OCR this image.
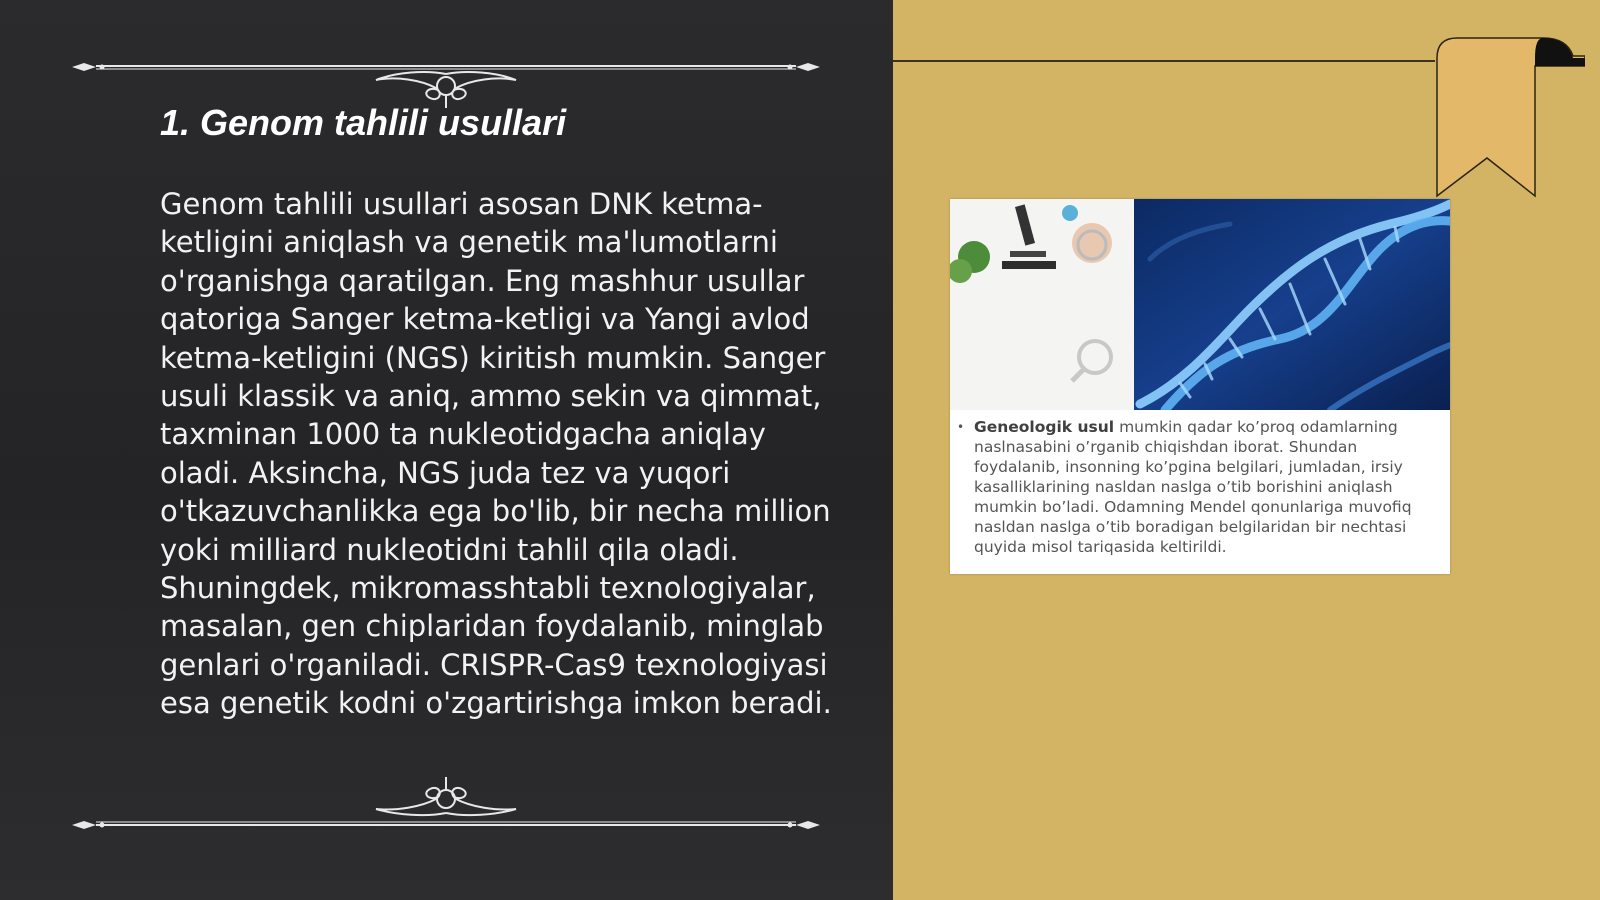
1. Genom tahlili usullari

Genom tahlili usullari asosan DNK ketma-ketligini aniqlash va genetik ma'lumotlarni o'rganishga qaratilgan. Eng mashhur usullar qatoriga Sanger ketma-ketligi va Yangi avlod ketma-ketligini (NGS) kiritish mumkin. Sanger usuli klassik va aniq, ammo sekin va qimmat, taxminan 1000 ta nukleotidgacha aniqlay oladi. Aksincha, NGS juda tez va yuqori o'tkazuvchanlikka ega bo'lib, bir necha million yoki milliard nukleotidni tahlil qila oladi. Shuningdek, mikromasshtabli texnologiyalar, masalan, gen chiplaridan foydalanib, minglab genlari o'rganiladi. CRISPR-Cas9 texnologiyasi esa genetik kodni o'zgartirishga imkon beradi.

• Geneologik usul mumkin qadar ko’proq odamlarning naslnasabini o’rganib chiqishdan iborat. Shundan foydalanib, insonning ko’pgina belgilari, jumladan, irsiy kasalliklarining nasldan naslga o’tib borishini aniqlash mumkin bo’ladi. Odamning Mendel qonunlariga muvofiq nasldan naslga o’tib boradigan belgilaridan bir nechtasi quyida misol tariqasida keltirildi.
